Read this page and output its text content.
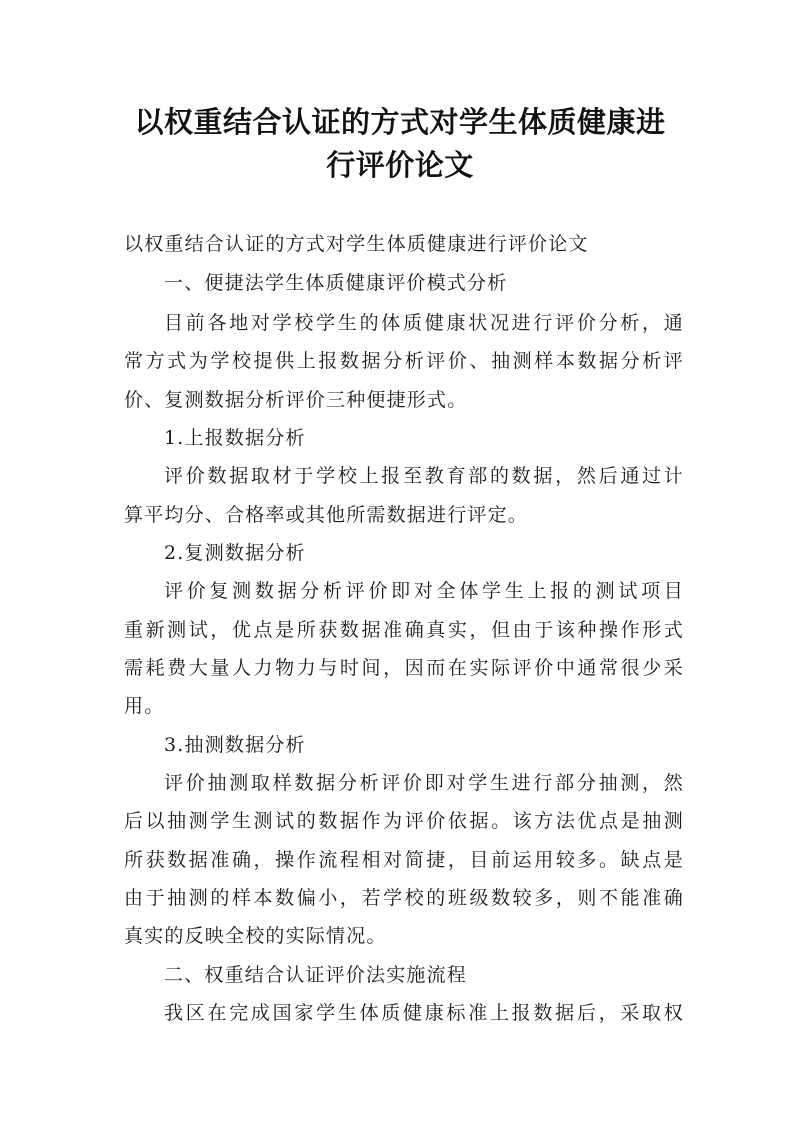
以权重结合认证的方式对学生体质健康进
行评价论文
以权重结合认证的方式对学生体质健康进行评价论文
一、便捷法学生体质健康评价模式分析
目前各地对学校学生的体质健康状况进行评价分析，通
常方式为学校提供上报数据分析评价、抽测样本数据分析评
价、复测数据分析评价三种便捷形式。
1.上报数据分析
评价数据取材于学校上报至教育部的数据，然后通过计
算平均分、合格率或其他所需数据进行评定。
2.复测数据分析
评价复测数据分析评价即对全体学生上报的测试项目
重新测试，优点是所获数据准确真实，但由于该种操作形式
需耗费大量人力物力与时间，因而在实际评价中通常很少采
用。
3.抽测数据分析
评价抽测取样数据分析评价即对学生进行部分抽测，然
后以抽测学生测试的数据作为评价依据。该方法优点是抽测
所获数据准确，操作流程相对简捷，目前运用较多。缺点是
由于抽测的样本数偏小，若学校的班级数较多，则不能准确
真实的反映全校的实际情况。
二、权重结合认证评价法实施流程
我区在完成国家学生体质健康标准上报数据后，采取权
